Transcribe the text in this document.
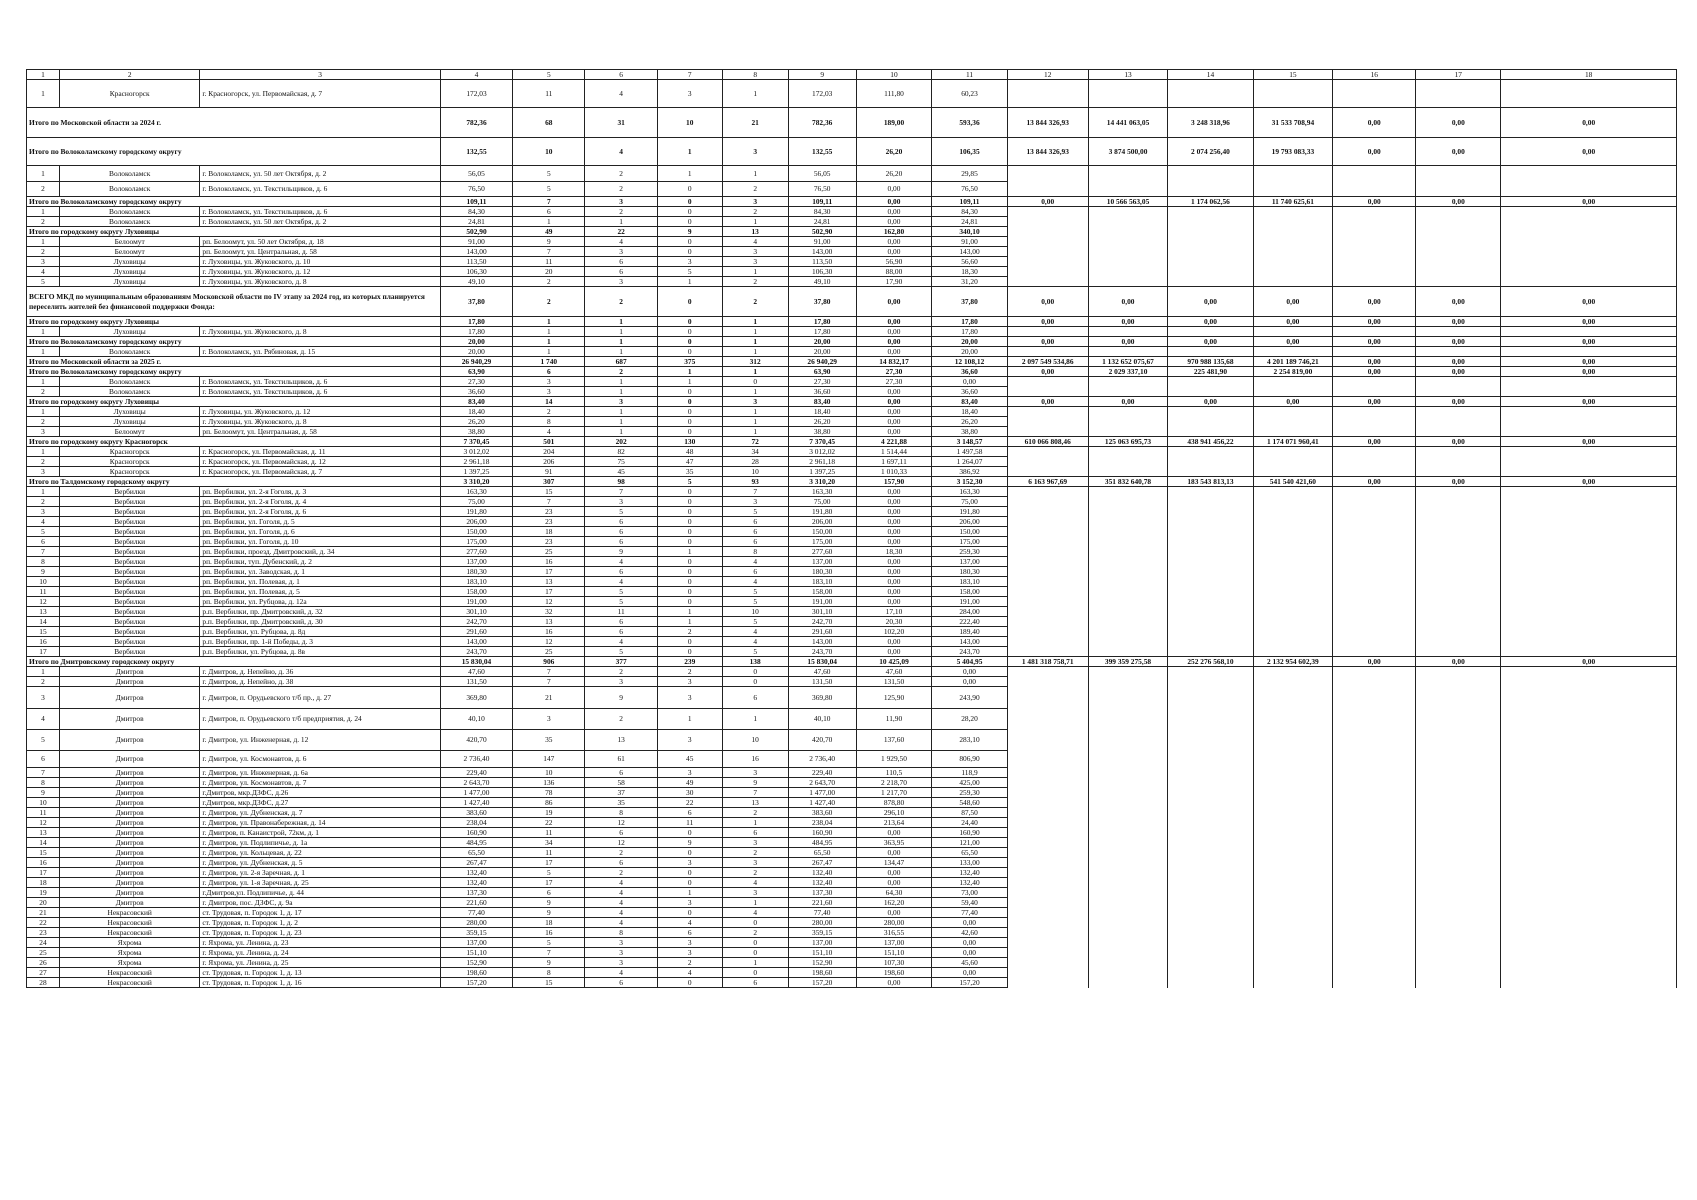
1	2	3	4	5	6	7	8	9	10	11	12	13	14	15	16	17	18
1	Красногорск	г. Красногорск, ул. Первомайская, д. 7	172,03	11	4	3	1	172,03	111,80	60,23							
Итого по Московской области за 2024 г.			782,36	68	31	10	21	782,36	189,00	593,36	13 844 326,93	14 441 063,05	3 248 318,96	31 533 708,94	0,00	0,00	0,00
Итого по Волоколамскому городскому округу			132,55	10	4	1	3	132,55	26,20	106,35	13 844 326,93	3 874 500,00	2 074 256,40	19 793 083,33	0,00	0,00	0,00
1	Волоколамск	г. Волоколамск, ул. 50 лет Октября, д. 2	56,05	5	2	1	1	56,05	26,20	29,85							
2	Волоколамск	г. Волоколамск, ул. Текстильщиков, д. 6	76,50	5	2	0	2	76,50	0,00	76,50							
Итого по Волоколамскому городскому округу			109,11	7	3	0	3	109,11	0,00	109,11	0,00	10 566 563,05	1 174 062,56	11 740 625,61	0,00	0,00	0,00
1	Волоколамск	г. Волоколамск, ул. Текстильщиков, д. 6	84,30	6	2	0	2	84,30	0,00	84,30							
2	Волоколамск	г. Волоколамск, ул. 50 лет Октября, д. 2	24,81	1	1	0	1	24,81	0,00	24,81							
Итого по городскому округу Луховицы			502,90	49	22	9	13	502,90	162,80	340,10							
1	Белоомут	рп. Белоомут, ул. 50 лет Октября, д. 18	91,00	9	4	0	4	91,00	0,00	91,00							
2	Белоомут	рп. Белоомут, ул. Центральная, д. 58	143,00	7	3	0	3	143,00	0,00	143,00							
3	Луховицы	г. Луховицы, ул. Жуковского, д. 10	113,50	11	6	3	3	113,50	56,90	56,60							
4	Луховицы	г. Луховицы, ул. Жуковского, д. 12	106,30	20	6	5	1	106,30	88,00	18,30							
5	Луховицы	г. Луховицы, ул. Жуковского, д. 8	49,10	2	3	1	2	49,10	17,90	31,20							
ВСЕГО МКД по муниципальным образованиям Московской области по IV этапу за 2024 год, из которых планируется переселить жителей без финансовой поддержки Фонда:			37,80	2	2	0	2	37,80	0,00	37,80	0,00	0,00	0,00	0,00	0,00	0,00	0,00
Итого по городскому округу Луховицы			17,80	1	1	0	1	17,80	0,00	17,80	0,00	0,00	0,00	0,00	0,00	0,00	0,00
1	Луховицы	г. Луховицы, ул. Жуковского, д. 8	17,80	1	1	0	1	17,80	0,00	17,80							
Итого по Волоколамскому городскому округу			20,00	1	1	0	1	20,00	0,00	20,00	0,00	0,00	0,00	0,00	0,00	0,00	0,00
1	Волоколамск	г. Волоколамск, ул. Рябиновая, д. 15	20,00	1	1	0	1	20,00	0,00	20,00							
Итого по Московской области за 2025 г.			26 940,29	1 740	687	375	312	26 940,29	14 832,17	12 108,12	2 097 549 534,86	1 132 652 075,67	970 988 135,68	4 201 189 746,21	0,00	0,00	0,00
Итого по Волоколамскому городскому округу			63,90	6	2	1	1	63,90	27,30	36,60	0,00	2 029 337,10	225 481,90	2 254 819,00	0,00	0,00	0,00
1	Волоколамск	г. Волоколамск, ул. Текстильщиков, д. 6	27,30	3	1	1	0	27,30	27,30	0,00							
2	Волоколамск	г. Волоколамск, ул. Текстильщиков, д. 6	36,60	3	1	0	1	36,60	0,00	36,60							
Итого по городскому округу Луховицы			83,40	14	3	0	3	83,40	0,00	83,40	0,00	0,00	0,00	0,00	0,00	0,00	0,00
1	Луховицы	г. Луховицы, ул. Жуковского, д. 12	18,40	2	1	0	1	18,40	0,00	18,40							
2	Луховицы	г. Луховицы, ул. Жуковского, д. 8	26,20	8	1	0	1	26,20	0,00	26,20							
3	Белоомут	рп. Белоомут, ул. Центральная, д. 58	38,80	4	1	0	1	38,80	0,00	38,80							
Итого по городскому округу Красногорск			7 370,45	501	202	130	72	7 370,45	4 221,88	3 148,57	610 066 808,46	125 063 695,73	438 941 456,22	1 174 071 960,41	0,00	0,00	0,00
1	Красногорск	г. Красногорск, ул. Первомайская, д. 11	3 012,02	204	82	48	34	3 012,02	1 514,44	1 497,58							
2	Красногорск	г. Красногорск, ул. Первомайская, д. 12	2 961,18	206	75	47	28	2 961,18	1 697,11	1 264,07							
3	Красногорск	г. Красногорск, ул. Первомайская, д. 7	1 397,25	91	45	35	10	1 397,25	1 010,33	386,92							
Итого по Талдомскому городскому округу			3 310,20	307	98	5	93	3 310,20	157,90	3 152,30	6 163 967,69	351 832 640,78	183 543 813,13	541 540 421,60	0,00	0,00	0,00
1	Вербилки	рп. Вербилки, ул. 2-я Гоголя, д. 3	163,30	15	7	0	7	163,30	0,00	163,30							
2	Вербилки	рп. Вербилки, ул. 2-я Гоголя, д. 4	75,00	7	3	0	3	75,00	0,00	75,00							
3	Вербилки	рп. Вербилки, ул. 2-я Гоголя, д. 6	191,80	23	5	0	5	191,80	0,00	191,80							
4	Вербилки	рп. Вербилки, ул. Гоголя, д. 5	206,00	23	6	0	6	206,00	0,00	206,00							
5	Вербилки	рп. Вербилки, ул. Гоголя, д. 6	150,00	18	6	0	6	150,00	0,00	150,00							
6	Вербилки	рп. Вербилки, ул. Гоголя, д. 10	175,00	23	6	0	6	175,00	0,00	175,00							
7	Вербилки	рп. Вербилки, проезд. Дмитровский, д. 34	277,60	25	9	1	8	277,60	18,30	259,30							
8	Вербилки	рп. Вербилки, туп. Дубенский, д. 2	137,00	16	4	0	4	137,00	0,00	137,00							
9	Вербилки	рп. Вербилки, ул. Заводская, д. 1	180,30	17	6	0	6	180,30	0,00	180,30							
10	Вербилки	рп. Вербилки, ул. Полевая, д. 1	183,10	13	4	0	4	183,10	0,00	183,10							
11	Вербилки	рп. Вербилки, ул. Полевая, д. 5	158,00	17	5	0	5	158,00	0,00	158,00							
12	Вербилки	рп. Вербилки, ул. Рубцова, д. 12а	191,00	12	5	0	5	191,00	0,00	191,00							
13	Вербилки	р.п. Вербилки, пр. Дмитровский, д. 32	301,10	32	11	1	10	301,10	17,10	284,00							
14	Вербилки	р.п. Вербилки, пр. Дмитровский, д. 30	242,70	13	6	1	5	242,70	20,30	222,40							
15	Вербилки	р.п. Вербилки, ул. Рубцова, д. 8д	291,60	16	6	2	4	291,60	102,20	189,40							
16	Вербилки	р.п. Вербилки, пр. 1-й Победы, д. 3	143,00	12	4	0	4	143,00	0,00	143,00							
17	Вербилки	р.п. Вербилки, ул. Рубцова, д. 8в	243,70	25	5	0	5	243,70	0,00	243,70							
Итого по Дмитровскому городскому округу			15 830,04	906	377	239	138	15 830,04	10 425,09	5 404,95	1 481 318 758,71	399 359 275,58	252 276 568,10	2 132 954 602,39	0,00	0,00	0,00
1	Дмитров	г. Дмитров, д. Непейно, д. 36	47,60	7	2	2	0	47,60	47,60	0,00							
2	Дмитров	г. Дмитров, д. Непейно, д. 38	131,50	7	3	3	0	131,50	131,50	0,00							
3	Дмитров	г. Дмитров, п. Орудьевского т/б пр., д. 27	369,80	21	9	3	6	369,80	125,90	243,90							
4	Дмитров	г. Дмитров, п. Орудьевского т/б предприятия, д. 24	40,10	3	2	1	1	40,10	11,90	28,20							
5	Дмитров	г. Дмитров, ул. Инженерная, д. 12	420,70	35	13	3	10	420,70	137,60	283,10							
6	Дмитров	г. Дмитров, ул. Космонавтов, д. 6	2 736,40	147	61	45	16	2 736,40	1 929,50	806,90							
7	Дмитров	г. Дмитров, ул. Инженерная, д. 6а	229,40	10	6	3	3	229,40	110,5	118,9							
8	Дмитров	г. Дмитров, ул. Космонавтов, д. 7	2 643,70	136	58	49	9	2 643,70	2 218,70	425,00							
9	Дмитров	г.Дмитров, мкр.ДЗФС, д.26	1 477,00	78	37	30	7	1 477,00	1 217,70	259,30							
10	Дмитров	г.Дмитров, мкр.ДЗФС, д.27	1 427,40	86	35	22	13	1 427,40	878,80	548,60							
11	Дмитров	г. Дмитров, ул. Дубненская, д. 7	383,60	19	8	6	2	383,60	296,10	87,50							
12	Дмитров	г. Дмитров, ул. Правонабережная, д. 14	238,04	22	12	11	1	238,04	213,64	24,40							
13	Дмитров	г. Дмитров, п. Канаистрой, 72км, д. 1	160,90	11	6	0	6	160,90	0,00	160,90							
14	Дмитров	г. Дмитров, ул. Подлипичье, д. 1а	484,95	34	12	9	3	484,95	363,95	121,00							
15	Дмитров	г. Дмитров, ул. Кольцевая, д. 22	65,50	11	2	0	2	65,50	0,00	65,50							
16	Дмитров	г. Дмитров, ул. Дубненская, д. 5	267,47	17	6	3	3	267,47	134,47	133,00							
17	Дмитров	г. Дмитров, ул. 2-я Заречная, д. 1	132,40	5	2	0	2	132,40	0,00	132,40							
18	Дмитров	г. Дмитров, ул. 1-я Заречная, д. 25	132,40	17	4	0	4	132,40	0,00	132,40							
19	Дмитров	г.Дмитров,ул. Подлипичье, д. 44	137,30	6	4	1	3	137,30	64,30	73,00							
20	Дмитров	г. Дмитров, пос. ДЗФС, д. 9а	221,60	9	4	3	1	221,60	162,20	59,40							
21	Некрасовский	ст. Трудовая, п. Городок 1, д. 17	77,40	9	4	0	4	77,40	0,00	77,40							
22	Некрасовский	ст. Трудовая, п. Городок 1, д. 2	280,00	18	4	4	0	280,00	280,00	0,00							
23	Некрасовский	ст. Трудовая, п. Городок 1, д. 23	359,15	16	8	6	2	359,15	316,55	42,60							
24	Яхрома	г. Яхрома, ул. Ленина, д. 23	137,00	5	3	3	0	137,00	137,00	0,00							
25	Яхрома	г. Яхрома, ул. Ленина, д. 24	151,10	7	3	3	0	151,10	151,10	0,00							
26	Яхрома	г. Яхрома, ул. Ленина, д. 25	152,90	9	3	2	1	152,90	107,30	45,60							
27	Некрасовский	ст. Трудовая, п. Городок 1, д. 13	198,60	8	4	4	0	198,60	198,60	0,00							
28	Некрасовский	ст. Трудовая, п. Городок 1, д. 16	157,20	15	6	0	6	157,20	0,00	157,20							
